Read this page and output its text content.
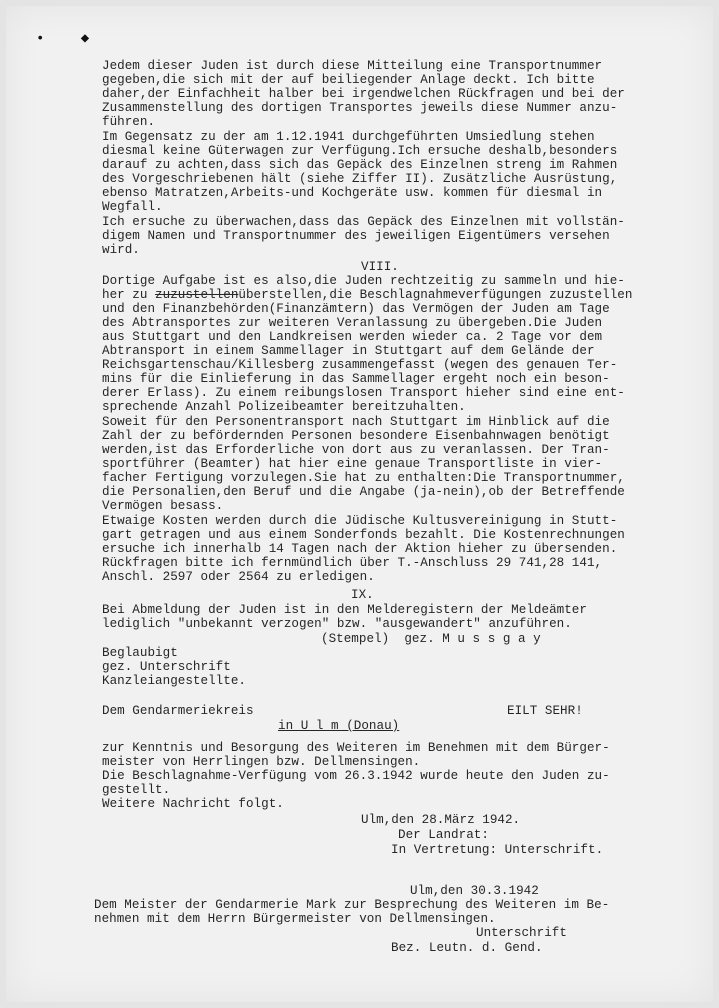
• ◆
Jedem dieser Juden ist durch diese Mitteilung eine Transportnummer
gegeben,die sich mit der auf beiliegender Anlage deckt. Ich bitte
daher,der Einfachheit halber bei irgendwelchen Rückfragen und bei der
Zusammenstellung des dortigen Transportes jeweils diese Nummer anzu-
führen.
Im Gegensatz zu der am 1.12.1941 durchgeführten Umsiedlung stehen
diesmal keine Güterwagen zur Verfügung.Ich ersuche deshalb,besonders
darauf zu achten,dass sich das Gepäck des Einzelnen streng im Rahmen
des Vorgeschriebenen hält (siehe Ziffer II). Zusätzliche Ausrüstung,
ebenso Matratzen,Arbeits-und Kochgeräte usw. kommen für diesmal in
Wegfall.
Ich ersuche zu überwachen,dass das Gepäck des Einzelnen mit vollstän-
digem Namen und Transportnummer des jeweiligen Eigentümers versehen
wird.
VIII.
Dortige Aufgabe ist es also,die Juden rechtzeitig zu sammeln und hie-
her zu zuzustellenüberstellen,die Beschlagnahmeverfügungen zuzustellen
und den Finanzbehörden(Finanzämtern) das Vermögen der Juden am Tage
des Abtransportes zur weiteren Veranlassung zu übergeben.Die Juden
aus Stuttgart und den Landkreisen werden wieder ca. 2 Tage vor dem
Abtransport in einem Sammellager in Stuttgart auf dem Gelände der
Reichsgartenschau/Killesberg zusammengefasst (wegen des genauen Ter-
mins für die Einlieferung in das Sammellager ergeht noch ein beson-
derer Erlass). Zu einem reibungslosen Transport hieher sind eine ent-
sprechende Anzahl Polizeibeamter bereitzuhalten.
Soweit für den Personentransport nach Stuttgart im Hinblick auf die
Zahl der zu befördernden Personen besondere Eisenbahnwagen benötigt
werden,ist das Erforderliche von dort aus zu veranlassen. Der Tran-
sportführer (Beamter) hat hier eine genaue Transportliste in vier-
facher Fertigung vorzulegen.Sie hat zu enthalten:Die Transportnummer,
die Personalien,den Beruf und die Angabe (ja-nein),ob der Betreffende
Vermögen besass.
Etwaige Kosten werden durch die Jüdische Kultusvereinigung in Stutt-
gart getragen und aus einem Sonderfonds bezahlt. Die Kostenrechnungen
ersuche ich innerhalb 14 Tagen nach der Aktion hieher zu übersenden.
Rückfragen bitte ich fernmündlich über T.-Anschluss 29 741,28 141,
Anschl. 2597 oder 2564 zu erledigen.
IX.
Bei Abmeldung der Juden ist in den Melderegistern der Meldeämter
lediglich "unbekannt verzogen" bzw. "ausgewandert" anzuführen.
(Stempel)  gez. M u s s g a y
Beglaubigt
gez. Unterschrift
Kanzleiangestellte.
Dem Gendarmeriekreis	EILT SEHR!
in U l m (Donau)
zur Kenntnis und Besorgung des Weiteren im Benehmen mit dem Bürger-
meister von Herrlingen bzw. Dellmensingen.
Die Beschlagnahme-Verfügung vom 26.3.1942 wurde heute den Juden zu-
gestellt.
Weitere Nachricht folgt.
Ulm,den 28.März 1942.
Der Landrat:
In Vertretung: Unterschrift.
Ulm,den 30.3.1942
Dem Meister der Gendarmerie Mark zur Besprechung des Weiteren im Be-
nehmen mit dem Herrn Bürgermeister von Dellmensingen.
Unterschrift
Bez. Leutn. d. Gend.
